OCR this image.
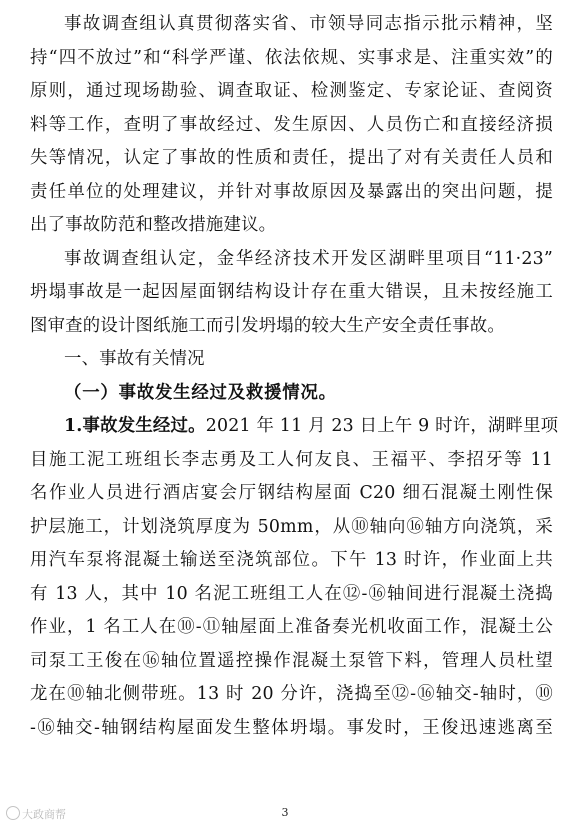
事故调查组认真贯彻落实省、市领导同志指示批示精神，坚
持“四不放过”和“科学严谨、依法依规、实事求是、注重实效”的
原则，通过现场勘验、调查取证、检测鉴定、专家论证、查阅资
料等工作，查明了事故经过、发生原因、人员伤亡和直接经济损
失等情况，认定了事故的性质和责任，提出了对有关责任人员和
责任单位的处理建议，并针对事故原因及暴露出的突出问题，提
出了事故防范和整改措施建议。
事故调查组认定，金华经济技术开发区湖畔里项目“11·23”
坍塌事故是一起因屋面钢结构设计存在重大错误，且未按经施工
图审查的设计图纸施工而引发坍塌的较大生产安全责任事故。
一、事故有关情况
（一）事故发生经过及救援情况。
1.事故发生经过。2021 年 11 月 23 日上午 9 时许，湖畔里项
目施工泥工班组长李志勇及工人何友良、王福平、李招牙等 11
名作业人员进行酒店宴会厅钢结构屋面 C20 细石混凝土刚性保
护层施工，计划浇筑厚度为 50mm，从⑩轴向⑯轴方向浇筑，采
用汽车泵将混凝土输送至浇筑部位。下午 13 时许，作业面上共
有 13 人，其中 10 名泥工班组工人在⑫-⑯轴间进行混凝土浇捣
作业，1 名工人在⑩-⑪轴屋面上准备奏光机收面工作，混凝土公
司泵工王俊在⑯轴位置遥控操作混凝土泵管下料，管理人员杜望
龙在⑩轴北侧带班。13 时 20 分许，浇捣至⑫-⑯轴交-轴时，⑩
-⑯轴交-轴钢结构屋面发生整体坍塌。事发时，王俊迅速逃离至
大政商帮	3
